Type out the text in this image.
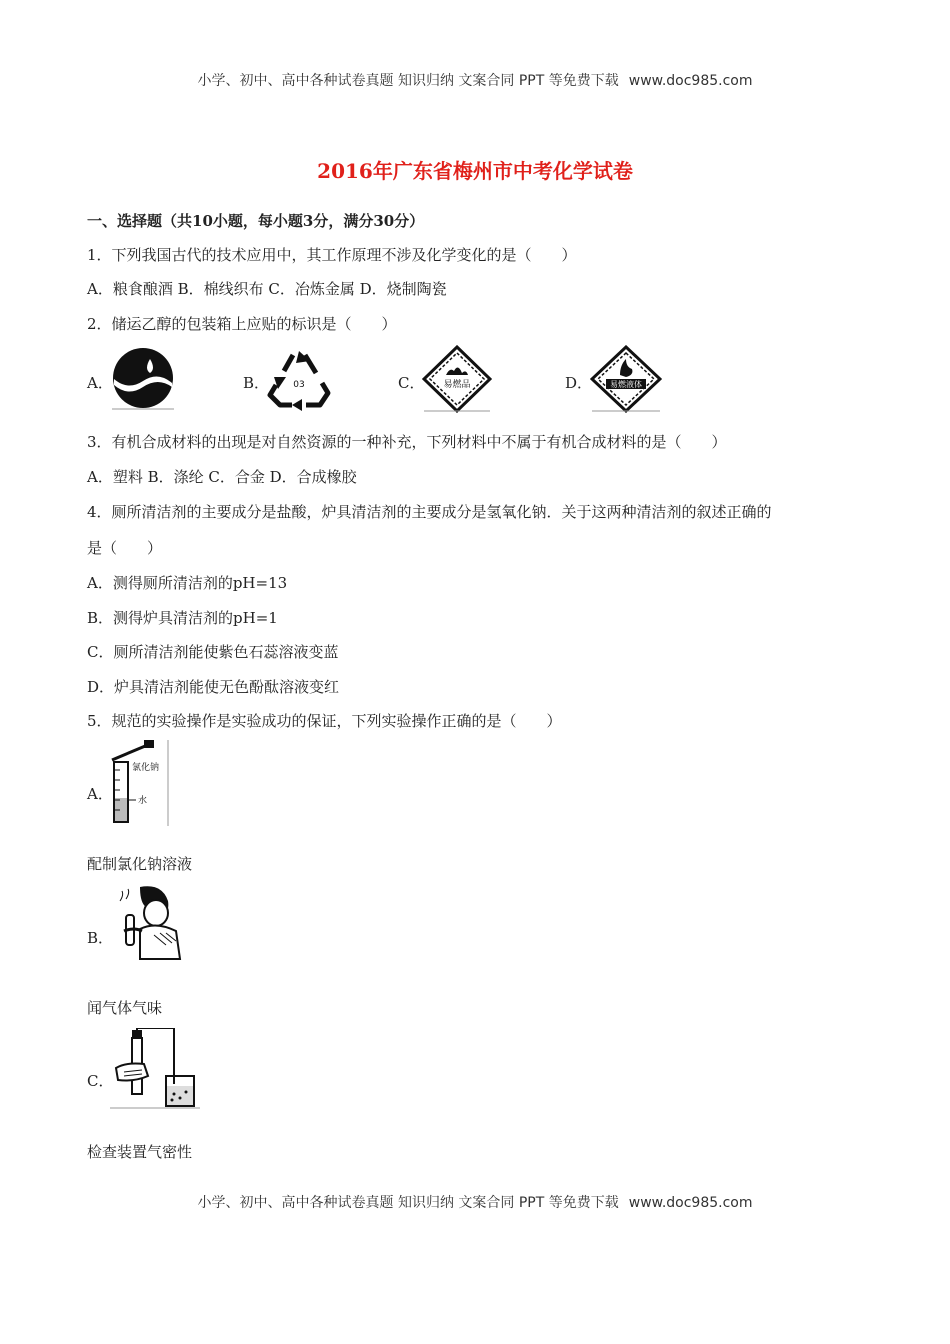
小学、初中、高中各种试卷真题 知识归纳 文案合同 PPT 等免费下载 www.doc985.com
2016年广东省梅州市中考化学试卷
一、选择题（共10小题，每小题3分，满分30分）
1．下列我国古代的技术应用中，其工作原理不涉及化学变化的是（　　）
A．粮食酿酒 B．棉线织布 C．冶炼金属 D．烧制陶瓷
2．储运乙醇的包装箱上应贴的标识是（　　）
A．	B．	03	C． 易燃品	D． 易燃液体
3．有机合成材料的出现是对自然资源的一种补充，下列材料中不属于有机合成材料的是（　　）
A．塑料 B．涤纶 C．合金 D．合成橡胶
4．厕所清洁剂的主要成分是盐酸，炉具清洁剂的主要成分是氢氧化钠．关于这两种清洁剂的叙述正确的
是（　　）
A．测得厕所清洁剂的pH=13
B．测得炉具清洁剂的pH=1
C．厕所清洁剂能使紫色石蕊溶液变蓝
D．炉具清洁剂能使无色酚酞溶液变红
5．规范的实验操作是实验成功的保证，下列实验操作正确的是（　　）
A．
氯化钠
水
配制氯化钠溶液
B．
闻气体气味
C．
检查装置气密性
小学、初中、高中各种试卷真题 知识归纳 文案合同 PPT 等免费下载 www.doc985.com
